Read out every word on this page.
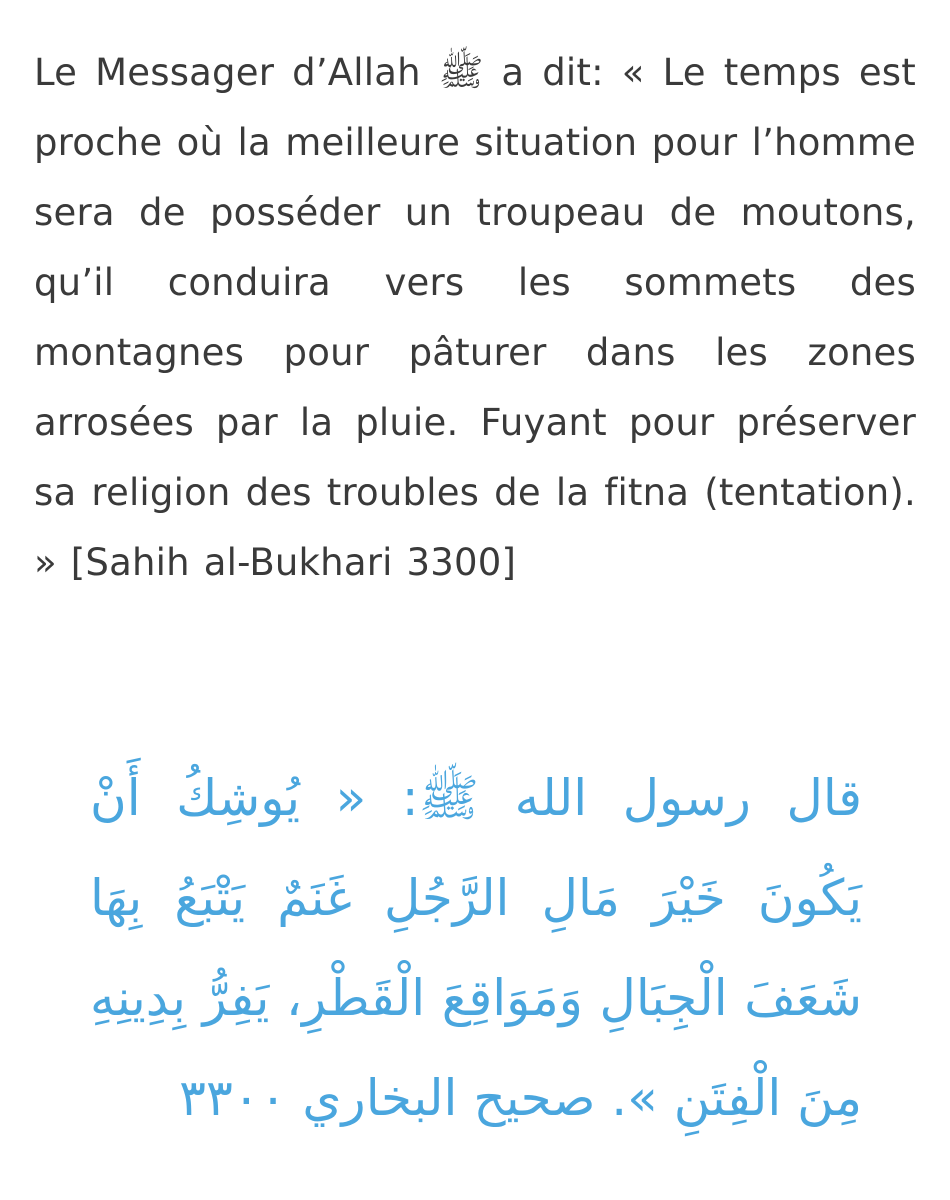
Le Messager d’Allah ﷺ a dit: « Le temps est proche où la meilleure situation pour l’homme sera de posséder un troupeau de moutons, qu’il conduira vers les sommets des montagnes pour pâturer dans les zones arrosées par la pluie. Fuyant pour préserver sa religion des troubles de la fitna (tentation). » [Sahih al-Bukhari 3300]

قال رسول الله ﷺ: « يُوشِكُ أَنْ يَكُونَ خَيْرَ مَالِ الرَّجُلِ غَنَمٌ يَتْبَعُ بِهَا شَعَفَ الْجِبَالِ وَمَوَاقِعَ الْقَطْرِ، يَفِرُّ بِدِينِهِ مِنَ الْفِتَنِ ». صحيح البخاري ٣٣٠٠
